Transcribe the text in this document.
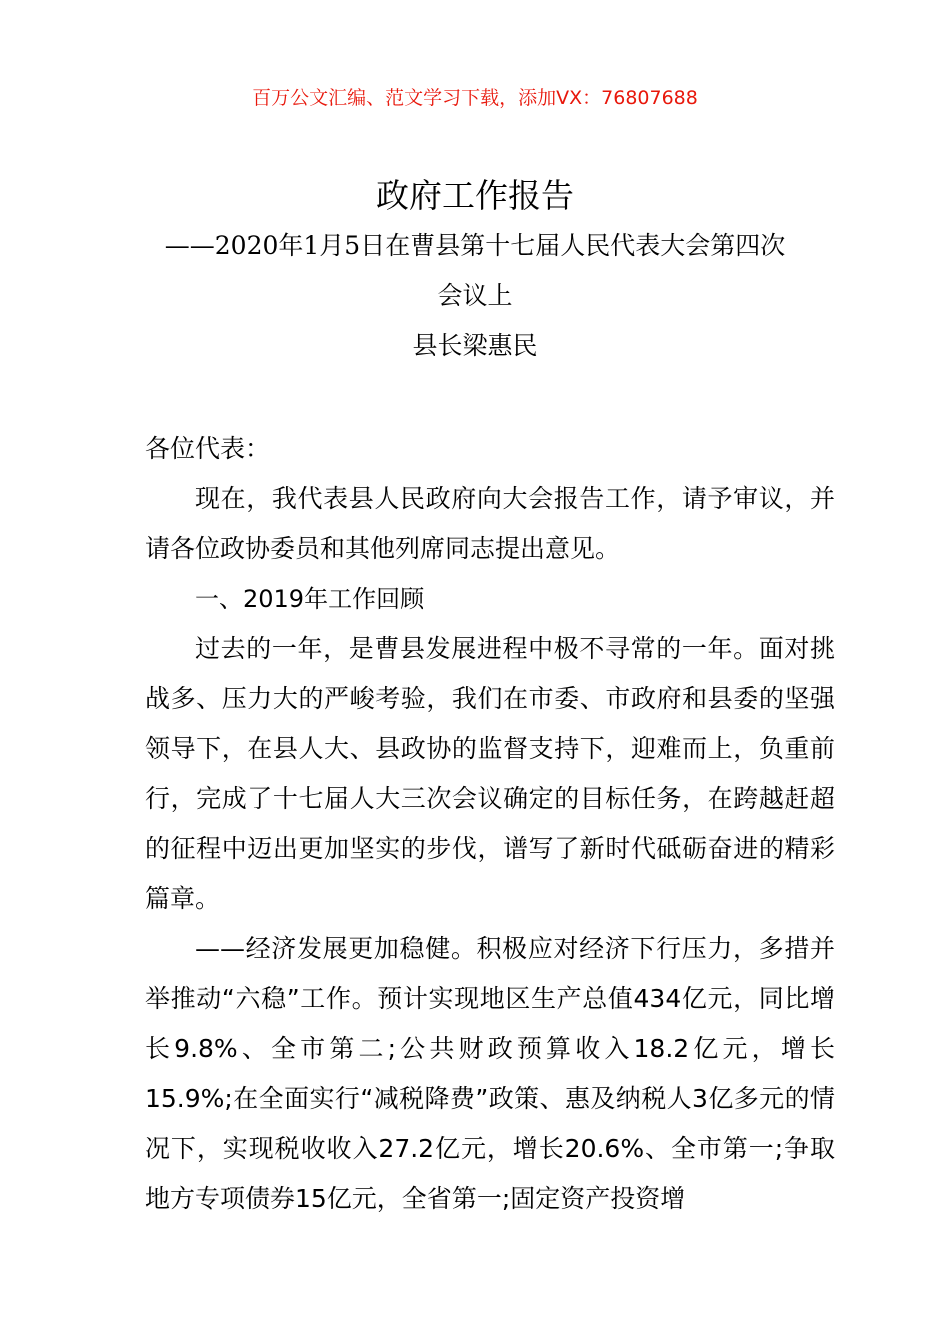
百万公文汇编、范文学习下载，添加VX：76807688
政府工作报告
——2020年1月5日在曹县第十七届人民代表大会第四次
会议上
县长梁惠民

各位代表：

现在，我代表县人民政府向大会报告工作，请予审议，并请各位政协委员和其他列席同志提出意见。

一、2019年工作回顾

过去的一年，是曹县发展进程中极不寻常的一年。面对挑战多、压力大的严峻考验，我们在市委、市政府和县委的坚强领导下，在县人大、县政协的监督支持下，迎难而上，负重前行，完成了十七届人大三次会议确定的目标任务，在跨越赶超的征程中迈出更加坚实的步伐，谱写了新时代砥砺奋进的精彩篇章。

——经济发展更加稳健。积极应对经济下行压力，多措并举推动“六稳”工作。预计实现地区生产总值434亿元，同比增长9.8%、全市第二;公共财政预算收入18.2亿元，增长15.9%;在全面实行“减税降费”政策、惠及纳税人3亿多元的情况下，实现税收收入27.2亿元，增长20.6%、全市第一;争取地方专项债券15亿元，全省第一;固定资产投资增
